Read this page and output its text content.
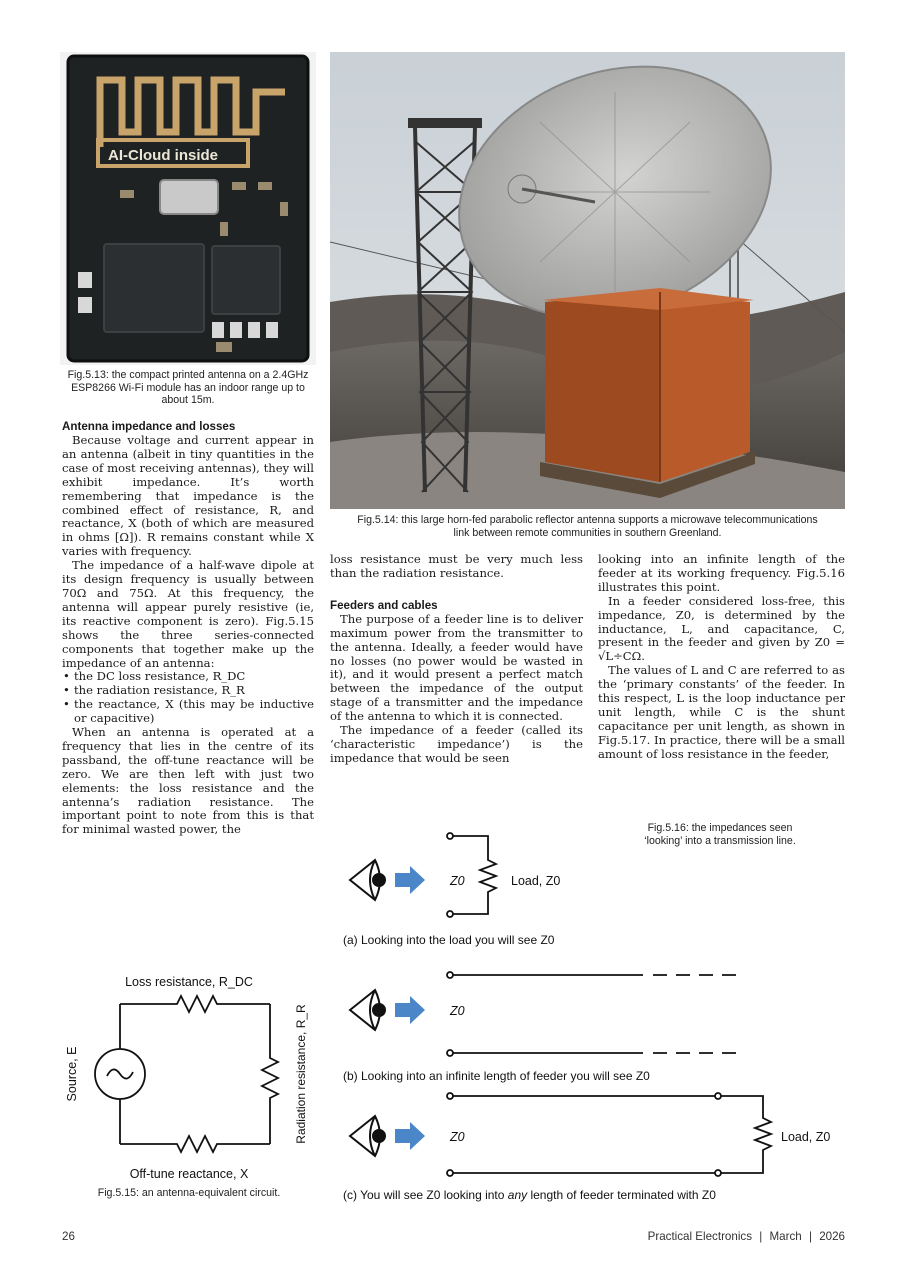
AI-Cloud inside

Fig.5.13: the compact printed antenna on a 2.4GHz ESP8266 Wi-Fi module has an indoor range up to about 15m.

Fig.5.14: this large horn-fed parabolic reflector antenna supports a microwave telecommunications link between remote communities in southern Greenland.

Antenna impedance and losses

Because voltage and current appear in an antenna (albeit in tiny quantities in the case of most receiving antennas), they will exhibit impedance. It’s worth remembering that impedance is the combined effect of resistance, R, and reactance, X (both of which are measured in ohms [Ω]). R remains constant while X varies with frequency.

The impedance of a half-wave dipole at its design frequency is usually between 70Ω and 75Ω. At this frequency, the antenna will appear purely resistive (ie, its reactive component is zero). Fig.5.15 shows the three series-connected components that together make up the impedance of an antenna:

• the DC loss resistance, R_DC
• the radiation resistance, R_R
• the reactance, X (this may be inductive or capacitive)

When an antenna is operated at a frequency that lies in the centre of its passband, the off-tune reactance will be zero. We are then left with just two elements: the loss resistance and the antenna’s radiation resistance. The important point to note from this is that for minimal wasted power, the

loss resistance must be very much less than the radiation resistance.

Feeders and cables

The purpose of a feeder line is to deliver maximum power from the transmitter to the antenna. Ideally, a feeder would have no losses (no power would be wasted in it), and it would present a perfect match between the impedance of the output stage of a transmitter and the impedance of the antenna to which it is connected.

The impedance of a feeder (called its ‘characteristic impedance’) is the impedance that would be seen

looking into an infinite length of the feeder at its working frequency. Fig.5.16 illustrates this point.

In a feeder considered loss-free, this impedance, Z0, is determined by the inductance, L, and capacitance, C, present in the feeder and given by Z0 = √L÷CΩ.

The values of L and C are referred to as the ‘primary constants’ of the feeder. In this respect, L is the loop inductance per unit length, while C is the shunt capacitance per unit length, as shown in Fig.5.17. In practice, there will be a small amount of loss resistance in the feeder,

Loss resistance, R_DC
Source, E	Radiation resistance, R_R
Off-tune reactance, X

Fig.5.15: an antenna-equivalent circuit.

Fig.5.16: the impedances seen ‘looking’ into a transmission line.

Z0	Load, Z0
(a) Looking into the load you will see Z0
Z0
(b) Looking into an infinite length of feeder you will see Z0
Z0	Load, Z0
(c) You will see Z0 looking into any length of feeder terminated with Z0
26	Practical Electronics | March | 2026
